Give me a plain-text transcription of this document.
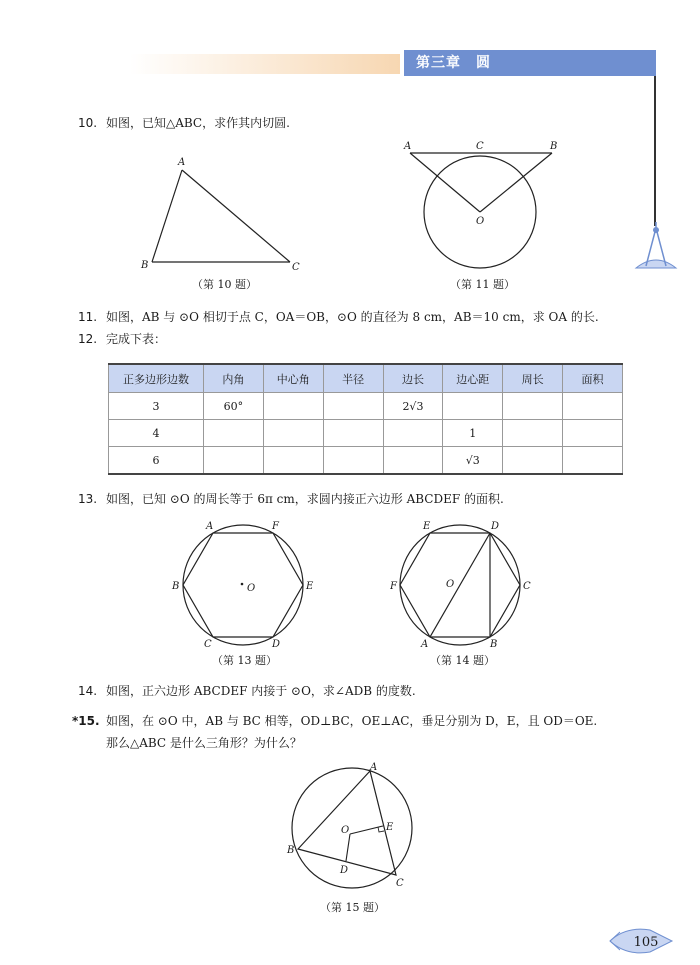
第三章　圆
10. 如图，已知△ABC，求作其内切圆.
A
B	C
（第 10 题）
A	C	B
O
（第 11 题）
11. 如图，AB 与 ⊙O 相切于点 C，OA＝OB，⊙O 的直径为 8 cm，AB＝10 cm，求 OA 的长.
12. 完成下表：
正多边形边数	内角	中心角	半径	边长	边心距	周长	面积
3	60°			2√3			
4					1		
6					√3		
13. 如图，已知 ⊙O 的周长等于 6π cm，求圆内接正六边形 ABCDEF 的面积.
A	F
B	E
C	D
O
（第 13 题）
E	D
F	C
A	B
O
（第 14 题）
14. 如图，正六边形 ABCDEF 内接于 ⊙O，求∠ADB 的度数.
*15. 如图，在 ⊙O 中，AB 与 BC 相等，OD⊥BC，OE⊥AC，垂足分别为 D，E，且 OD＝OE.
那么△ABC 是什么三角形？为什么？
A
B
C
D
E
O
（第 15 题）
105
